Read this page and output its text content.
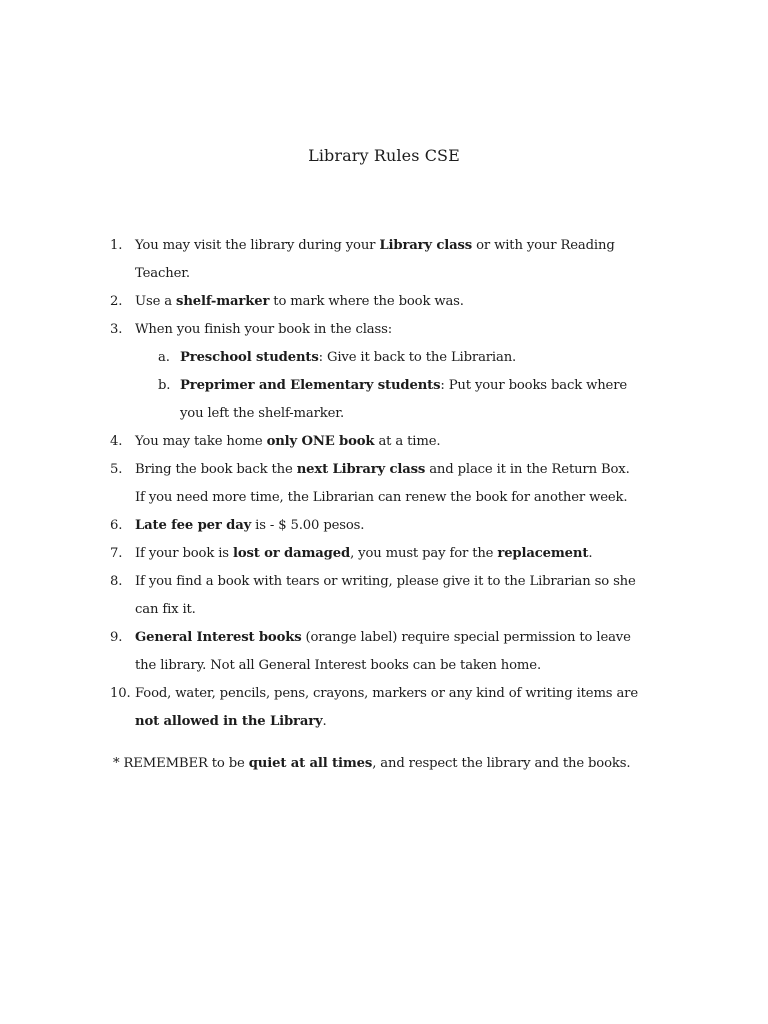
Library Rules CSE
1. You may visit the library during your Library class or with your Reading
Teacher.
2. Use a shelf-marker to mark where the book was.
3. When you finish your book in the class:
a. Preschool students: Give it back to the Librarian.
b. Preprimer and Elementary students: Put your books back where
you left the shelf-marker.
4. You may take home only ONE book at a time.
5. Bring the book back the next Library class and place it in the Return Box.
If you need more time, the Librarian can renew the book for another week.
6. Late fee per day is - $ 5.00 pesos.
7. If your book is lost or damaged, you must pay for the replacement.
8. If you find a book with tears or writing, please give it to the Librarian so she
can fix it.
9. General Interest books (orange label) require special permission to leave
the library. Not all General Interest books can be taken home.
10. Food, water, pencils, pens, crayons, markers or any kind of writing items are
not allowed in the Library.
* REMEMBER to be quiet at all times, and respect the library and the books.
